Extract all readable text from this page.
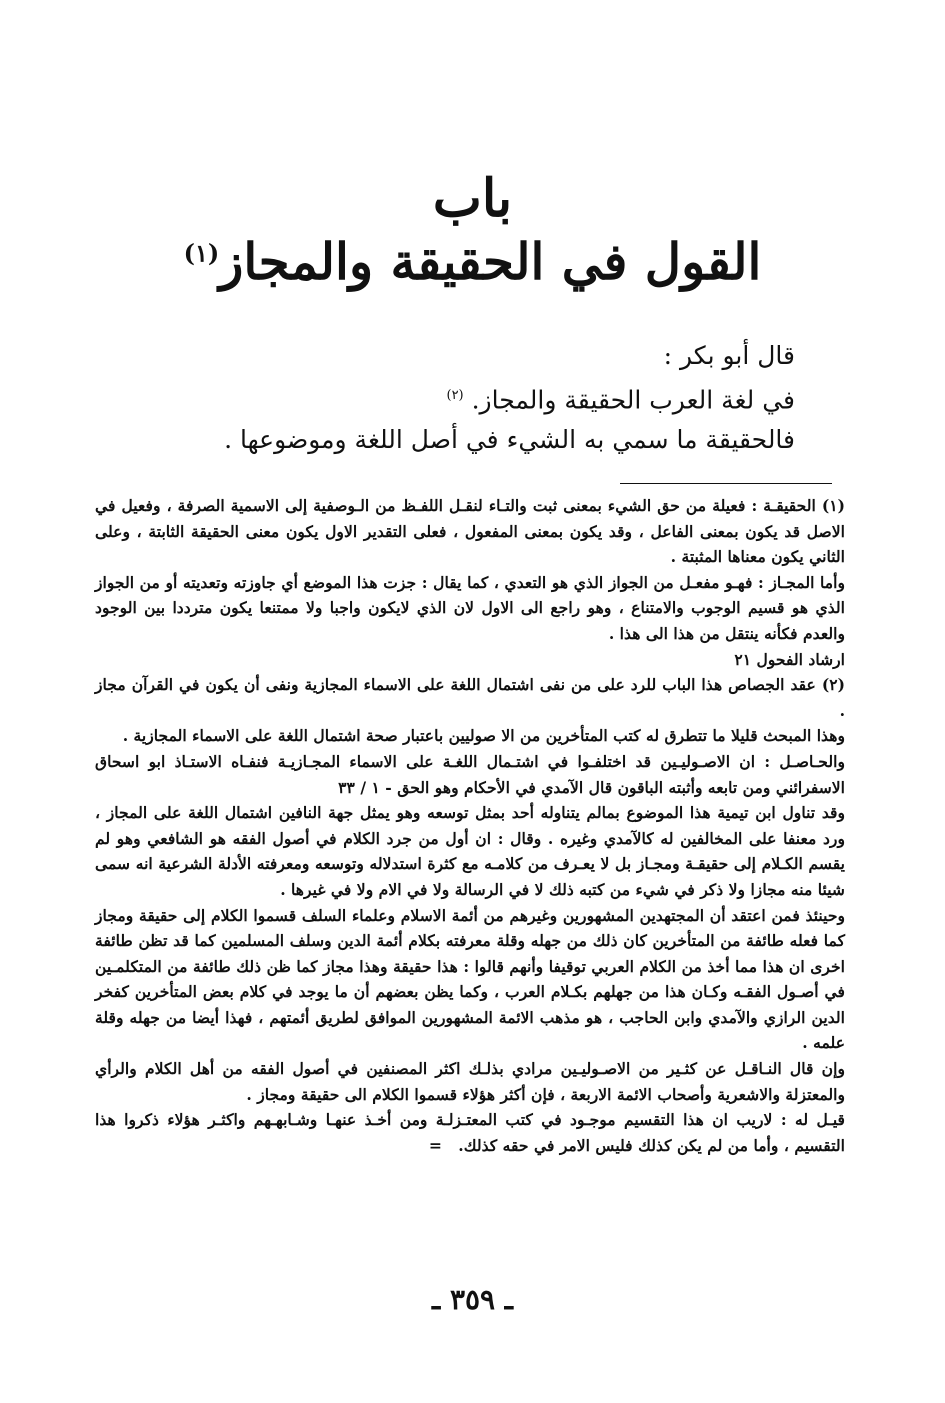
باب
القول في الحقيقة والمجاز$^{(١)}$

قال أبو بكر :

في لغة العرب الحقيقة والمجاز. $^{(٢)}$

فالحقيقة ما سمي به الشيء في أصل اللغة وموضوعها .

(١)الحقيقـة : فعيلة من حق الشيء بمعنى ثبت والتـاء لنقـل اللفـظ من الـوصفية إلى الاسمية الصرفة ، وفعيل في الاصل قد يكون بمعنى الفاعل ، وقد يكون بمعنى المفعول ، فعلى التقدير الاول يكون معنى الحقيقة الثابتة ، وعلى الثاني يكون معناها المثبتة .

وأما المجـاز : فهـو مفعـل من الجواز الذي هو التعدي ، كما يقال : جزت هذا الموضع أي جاوزته وتعديته أو من الجواز الذي هو قسيم الوجوب والامتناع ، وهو راجع الى الاول لان الذي لايكون واجبا ولا ممتنعا يكون مترددا بين الوجود والعدم فكأنه ينتقل من هذا الى هذا .

ارشاد الفحول ٢١

(٢)عقد الجصاص هذا الباب للرد على من نفى اشتمال اللغة على الاسماء المجازية ونفى أن يكون في القرآن مجاز .

وهذا المبحث قليلا ما تتطرق له كتب المتأخرين من الا صوليين باعتبار صحة اشتمال اللغة على الاسماء المجازية .

والحـاصـل : ان الاصـوليـين قد اختلفـوا في اشتـمال اللغـة على الاسماء المجـازيـة فنفـاه الاستـاذ ابو اسحاق الاسفرائني ومن تابعه وأثبته الباقون قال الآمدي في الأحكام وهو الحق - ١ / ٣٣

وقد تناول ابن تيمية هذا الموضوع بمالم يتناوله أحد بمثل توسعه وهو يمثل جهة النافين اشتمال اللغة على المجاز ، ورد معنفا على المخالفين له كالآمدي وغيره . وقال : ان أول من جرد الكلام في أصول الفقه هو الشافعي وهو لم يقسم الكـلام إلى حقيقـة ومجـاز بل لا يعـرف من كلامـه مع كثرة استدلاله وتوسعه ومعرفته الأدلة الشرعية انه سمى شيئا منه مجازا ولا ذكر في شيء من كتبه ذلك لا في الرسالة ولا في الام ولا في غيرها .

وحينئذ فمن اعتقد أن المجتهدين المشهورين وغيرهم من أئمة الاسلام وعلماء السلف قسموا الكلام إلى حقيقة ومجاز كما فعله طائفة من المتأخرين كان ذلك من جهله وقلة معرفته بكلام أئمة الدين وسلف المسلمين كما قد تظن طائفة اخرى ان هذا مما أخذ من الكلام العربي توقيفا وأنهم قالوا : هذا حقيقة وهذا مجاز كما ظن ذلك طائفة من المتكلمـين في أصـول الفقـه وكـان هذا من جهلهم بكـلام العرب ، وكما يظن بعضهم أن ما يوجد في كلام بعض المتأخرين كفخر الدين الرازي والآمدي وابن الحاجب ، هو مذهب الائمة المشهورين الموافق لطريق أئمتهم ، فهذا أيضا من جهله وقلة علمه .

وإن قال النـاقـل عن كثـير من الاصـوليـين مرادي بذلـك اكثر المصنفين في أصول الفقه من أهل الكلام والرأي والمعتزلة والاشعرية وأصحاب الائمة الاربعة ، فإن أكثر هؤلاء قسموا الكلام الى حقيقة ومجاز .

قيـل له : لاريب ان هذا التقسيم موجـود في كتب المعتـزلـة ومن أخـذ عنهـا وشـابهـهم واكثـر هؤلاء ذكروا هذا التقسيم ، وأما من لم يكن كذلك فليس الامر في حقه كذلك.   =

ـ ٣٥٩ ـ
